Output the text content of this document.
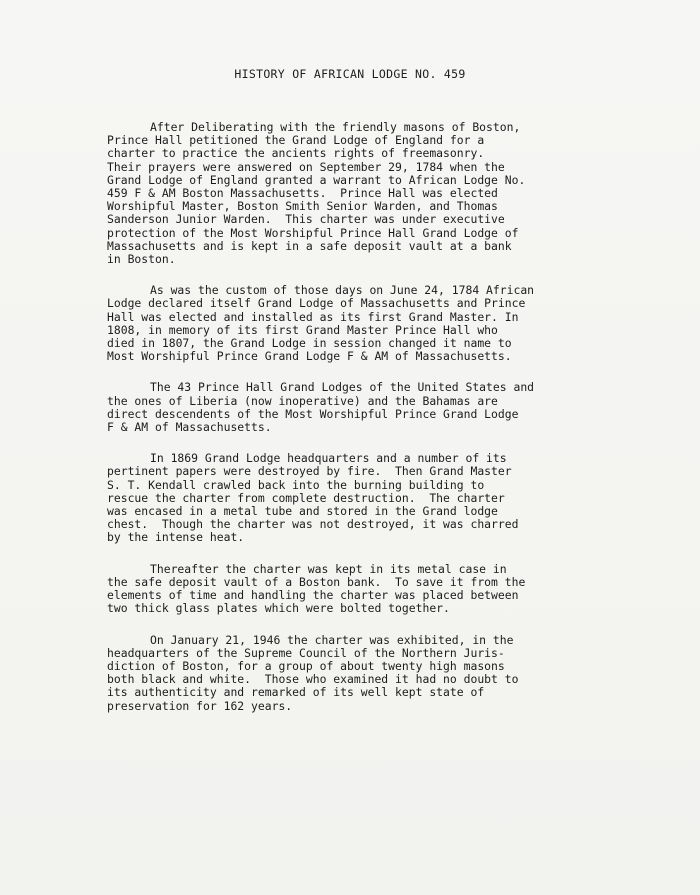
HISTORY OF AFRICAN LODGE NO. 459
After Deliberating with the friendly masons of Boston,
Prince Hall petitioned the Grand Lodge of England for a
charter to practice the ancients rights of freemasonry.
Their prayers were answered on September 29, 1784 when the
Grand Lodge of England granted a warrant to African Lodge No.
459 F & AM Boston Massachusetts.  Prince Hall was elected
Worshipful Master, Boston Smith Senior Warden, and Thomas
Sanderson Junior Warden.  This charter was under executive
protection of the Most Worshipful Prince Hall Grand Lodge of
Massachusetts and is kept in a safe deposit vault at a bank
in Boston.
As was the custom of those days on June 24, 1784 African
Lodge declared itself Grand Lodge of Massachusetts and Prince
Hall was elected and installed as its first Grand Master. In
1808, in memory of its first Grand Master Prince Hall who
died in 1807, the Grand Lodge in session changed it name to
Most Worshipful Prince Grand Lodge F & AM of Massachusetts.
The 43 Prince Hall Grand Lodges of the United States and
the ones of Liberia (now inoperative) and the Bahamas are
direct descendents of the Most Worshipful Prince Grand Lodge
F & AM of Massachusetts.
In 1869 Grand Lodge headquarters and a number of its
pertinent papers were destroyed by fire.  Then Grand Master
S. T. Kendall crawled back into the burning building to
rescue the charter from complete destruction.  The charter
was encased in a metal tube and stored in the Grand lodge
chest.  Though the charter was not destroyed, it was charred
by the intense heat.
Thereafter the charter was kept in its metal case in
the safe deposit vault of a Boston bank.  To save it from the
elements of time and handling the charter was placed between
two thick glass plates which were bolted together.
On January 21, 1946 the charter was exhibited, in the
headquarters of the Supreme Council of the Northern Juris-
diction of Boston, for a group of about twenty high masons
both black and white.  Those who examined it had no doubt to
its authenticity and remarked of its well kept state of
preservation for 162 years.
